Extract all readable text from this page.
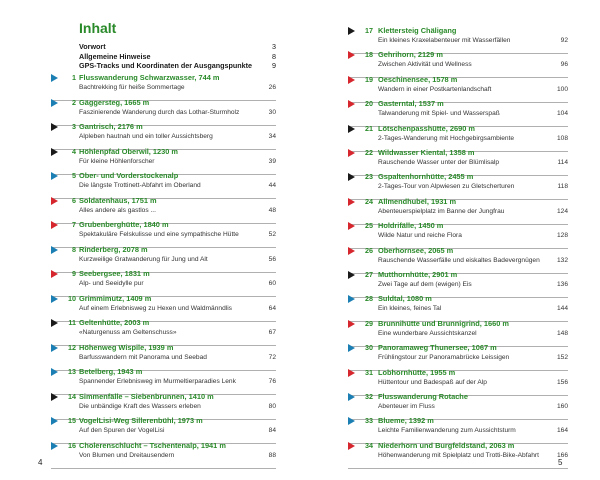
Inhalt
Vorwort	3
Allgemeine Hinweise	8
GPS-Tracks und Koordinaten der Ausgangspunkte	9
1 Flusswanderung Schwarzwasser, 744 m
Bachtrekking für heiße Sommertage	26
2 Gäggersteg, 1665 m
Faszinierende Wanderung durch das Lothar-Sturmholz	30
3 Gantrisch, 2176 m
Alpleben hautnah und ein toller Aussichtsberg	34
4 Höhlenpfad Oberwil, 1230 m
Für kleine Höhlenforscher	39
5 Ober- und Vorderstockenalp
Die längste Trottinett-Abfahrt im Oberland	44
6 Soldatenhaus, 1751 m
Alles andere als gastlos ...	48
7 Grubenberghütte, 1840 m
Spektakuläre Felskulisse und eine sympathische Hütte	52
8 Rinderberg, 2078 m
Kurzweilige Gratwanderung für Jung und Alt	56
9 Seebergsee, 1831 m
Alp- und Seeidylle pur	60
10 Grimmimutz, 1409 m
Auf einem Erlebnisweg zu Hexen und Waldmänndlis	64
11 Geltenhütte, 2003 m
«Naturgenuss am Geltenschuss»	67
12 Höhenweg Wispile, 1939 m
Barfusswandern mit Panorama und Seebad	72
13 Betelberg, 1943 m
Spannender Erlebnisweg im Murmeltierparadies Lenk	76
14 Simmenfälle – Siebenbrunnen, 1410 m
Die unbändige Kraft des Wassers erleben	80
15 VogelLisi-Weg Sillerenbühl, 1973 m
Auf den Spuren der VogelLisi	84
16 Cholerenschlucht – Tschentenalp, 1941 m
Von Blumen und Dreitausendern	88
4
17 Klettersteig Chäligang
Ein kleines Kraxelabenteuer mit Wasserfällen	92
18 Gehrihorn, 2129 m
Zwischen Aktivität und Wellness	96
19 Oeschinensee, 1578 m
Wandern in einer Postkartenlandschaft	100
20 Gasterntal, 1537 m
Talwanderung mit Spiel- und Wasserspaß	104
21 Lötschenpasshütte, 2690 m
2-Tages-Wanderung mit Hochgebirgsambiente	108
22 Wildwasser Kiental, 1358 m
Rauschende Wasser unter der Blümlisalp	114
23 Gspaltenhornhütte, 2455 m
2-Tages-Tour von Alpwiesen zu Gletscherturen	118
24 Allmendhubel, 1931 m
Abenteuerspielplatz im Banne der Jungfrau	124
25 Holdrifälle, 1450 m
Wilde Natur und reiche Flora	128
26 Oberhornsee, 2065 m
Rauschende Wasserfälle und eiskaltes Badevergnügen	132
27 Mutthornhütte, 2901 m
Zwei Tage auf dem (ewigen) Eis	136
28 Suldtal, 1080 m
Ein kleines, feines Tal	144
29 Brunnihütte und Brunnigrind, 1660 m
Eine wunderbare Aussichtskanzel	148
30 Panoramaweg Thunersee, 1067 m
Frühlingstour zur Panoramabrücke Leissigen	152
31 Lobhornhütte, 1955 m
Hüttentour und Badespaß auf der Alp	156
32 Flusswanderung Rotache
Abenteuer im Fluss	160
33 Blueme, 1392 m
Leichte Familienwanderung zum Aussichtsturm	164
34 Niederhorn und Burgfeldstand, 2063 m
Höhenwanderung mit Spielplatz und Trotti-Bike-Abfahrt	166
5
